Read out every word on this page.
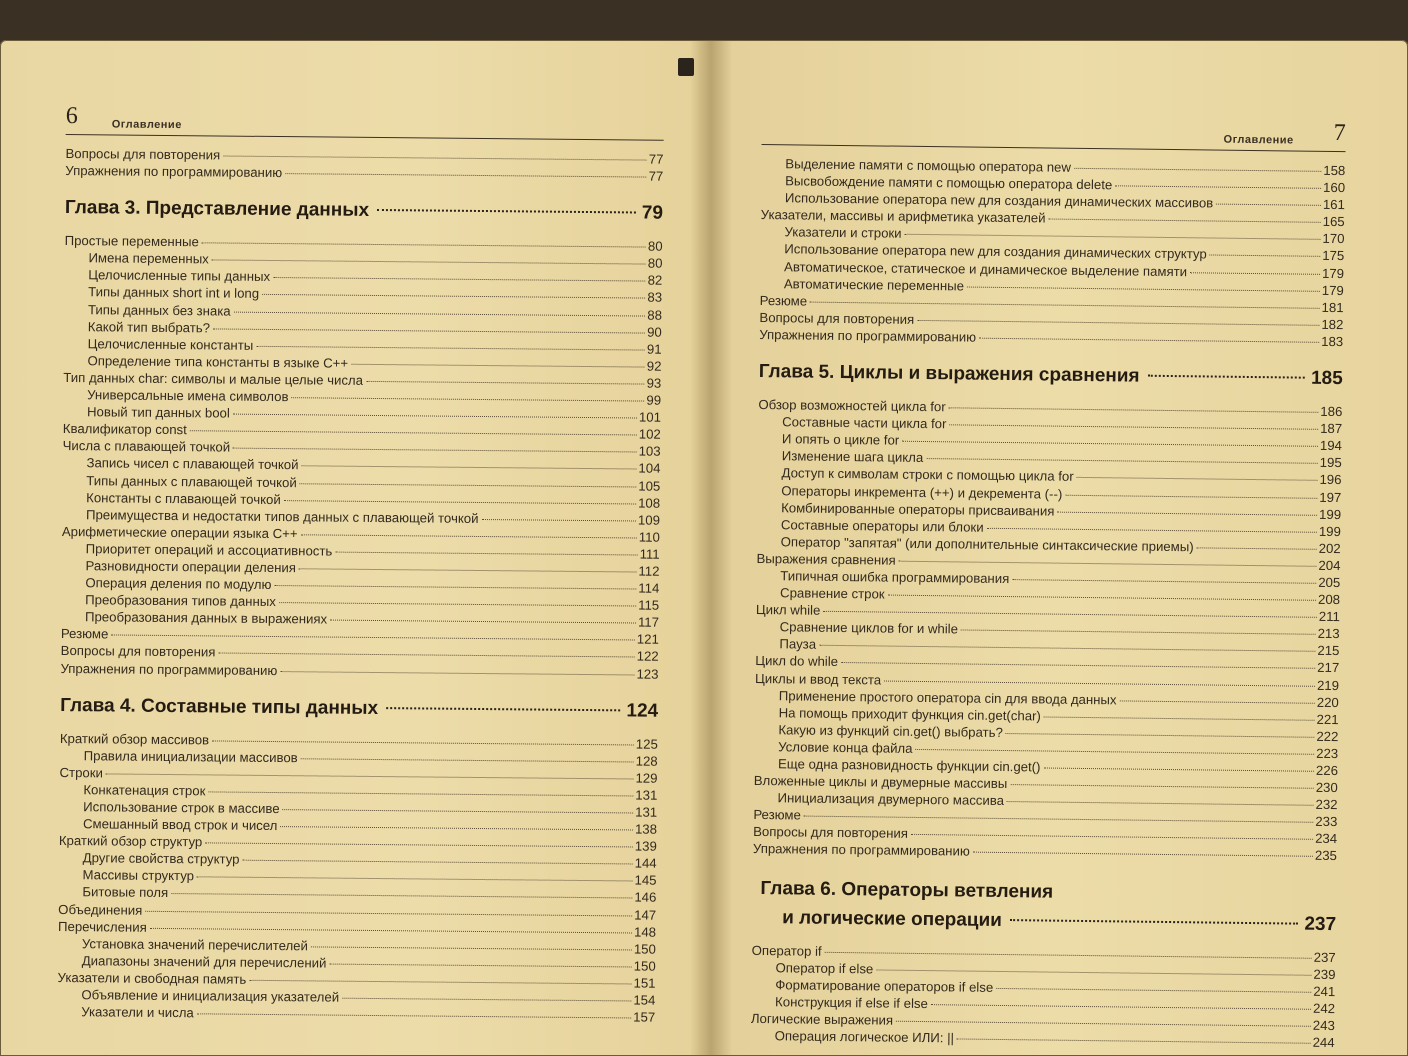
6	Оглавление
Вопросы для повторения	77
Упражнения по программированию	77
Глава 3. Представление данных	79
Простые переменные	80
Имена переменных	80
Целочисленные типы данных	82
Типы данных short int и long	83
Типы данных без знака	88
Какой тип выбрать?	90
Целочисленные константы	91
Определение типа константы в языке C++	92
Тип данных char: символы и малые целые числа	93
Универсальные имена символов	99
Новый тип данных bool	101
Квалификатор const	102
Числа с плавающей точкой	103
Запись чисел с плавающей точкой	104
Типы данных с плавающей точкой	105
Константы с плавающей точкой	108
Преимущества и недостатки типов данных с плавающей точкой	109
Арифметические операции языка C++	110
Приоритет операций и ассоциативность	111
Разновидности операции деления	112
Операция деления по модулю	114
Преобразования типов данных	115
Преобразования данных в выражениях	117
Резюме	121
Вопросы для повторения	122
Упражнения по программированию	123
Глава 4. Составные типы данных	124
Краткий обзор массивов	125
Правила инициализации массивов	128
Строки	129
Конкатенация строк	131
Использование строк в массиве	131
Смешанный ввод строк и чисел	138
Краткий обзор структур	139
Другие свойства структур	144
Массивы структур	145
Битовые поля	146
Объединения	147
Перечисления	148
Установка значений перечислителей	150
Диапазоны значений для перечислений	150
Указатели и свободная память	151
Объявление и инициализация указателей	154
Указатели и числа	157
Оглавление 7
Выделение памяти с помощью оператора new	158
Высвобождение памяти с помощью оператора delete	160
Использование оператора new для создания динамических массивов	161
Указатели, массивы и арифметика указателей	165
Указатели и строки	170
Использование оператора new для создания динамических структур	175
Автоматическое, статическое и динамическое выделение памяти	179
Автоматические переменные	179
Резюме	181
Вопросы для повторения	182
Упражнения по программированию	183
Глава 5. Циклы и выражения сравнения	185
Обзор возможностей цикла for	186
Составные части цикла for	187
И опять о цикле for	194
Изменение шага цикла	195
Доступ к символам строки с помощью цикла for	196
Операторы инкремента (++) и декремента (--)	197
Комбинированные операторы присваивания	199
Составные операторы или блоки	199
Оператор "запятая" (или дополнительные синтаксические приемы)	202
Выражения сравнения	204
Типичная ошибка программирования	205
Сравнение строк	208
Цикл while	211
Сравнение циклов for и while	213
Пауза	215
Цикл do while	217
Циклы и ввод текста	219
Применение простого оператора cin для ввода данных	220
На помощь приходит функция cin.get(char)	221
Какую из функций cin.get() выбрать?	222
Условие конца файла	223
Еще одна разновидность функции cin.get()	226
Вложенные циклы и двумерные массивы	230
Инициализация двумерного массива	232
Резюме	233
Вопросы для повторения	234
Упражнения по программированию	235
Глава 6. Операторы ветвления
и логические операции	237
Оператор if	237
Оператор if else	239
Форматирование операторов if else	241
Конструкция if else if else	242
Логические выражения	243
Операция логическое ИЛИ: ||	244
